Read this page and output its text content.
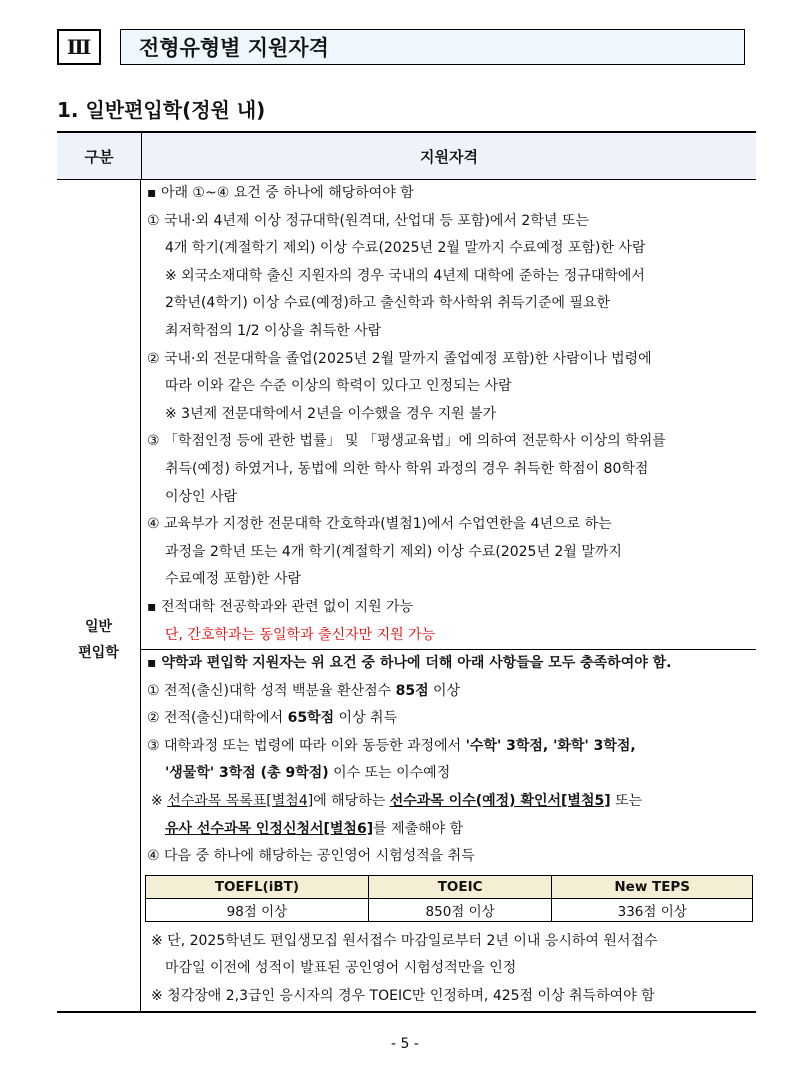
Ⅲ	전형유형별 지원자격
1. 일반편입학(정원 내)
구분	지원자격
일반
편입학
▪ 아래 ①~④ 요건 중 하나에 해당하여야 함
① 국내·외 4년제 이상 정규대학(원격대, 산업대 등 포함)에서 2학년 또는
4개 학기(계절학기 제외) 이상 수료(2025년 2월 말까지 수료예정 포함)한 사람
※ 외국소재대학 출신 지원자의 경우 국내의 4년제 대학에 준하는 정규대학에서
2학년(4학기) 이상 수료(예정)하고 출신학과 학사학위 취득기준에 필요한
최저학점의 1/2 이상을 취득한 사람
② 국내·외 전문대학을 졸업(2025년 2월 말까지 졸업예정 포함)한 사람이나 법령에
따라 이와 같은 수준 이상의 학력이 있다고 인정되는 사람
※ 3년제 전문대학에서 2년을 이수했을 경우 지원 불가
③ 「학점인정 등에 관한 법률」 및 「평생교육법」에 의하여 전문학사 이상의 학위를
취득(예정) 하였거나, 동법에 의한 학사 학위 과정의 경우 취득한 학점이 80학점
이상인 사람
④ 교육부가 지정한 전문대학 간호학과(별첨1)에서 수업연한을 4년으로 하는
과정을 2학년 또는 4개 학기(계절학기 제외) 이상 수료(2025년 2월 말까지
수료예정 포함)한 사람
▪ 전적대학 전공학과와 관련 없이 지원 가능
단, 간호학과는 동일학과 출신자만 지원 가능
▪ 약학과 편입학 지원자는 위 요건 중 하나에 더해 아래 사항들을 모두 충족하여야 함.
① 전적(출신)대학 성적 백분율 환산점수 85점 이상
② 전적(출신)대학에서 65학점 이상 취득
③ 대학과정 또는 법령에 따라 이와 동등한 과정에서 '수학' 3학점, '화학' 3학점,
'생물학' 3학점 (총 9학점) 이수 또는 이수예정
※ 선수과목 목록표[별첨4]에 해당하는 선수과목 이수(예정) 확인서[별첨5] 또는
유사 선수과목 인정신청서[별첨6]를 제출해야 함
④ 다음 중 하나에 해당하는 공인영어 시험성적을 취득
TOEFL(iBT)	TOEIC	New TEPS
98점 이상	850점 이상	336점 이상
※ 단, 2025학년도 편입생모집 원서접수 마감일로부터 2년 이내 응시하여 원서접수
마감일 이전에 성적이 발표된 공인영어 시험성적만을 인정
※ 청각장애 2,3급인 응시자의 경우 TOEIC만 인정하며, 425점 이상 취득하여야 함
- 5 -
